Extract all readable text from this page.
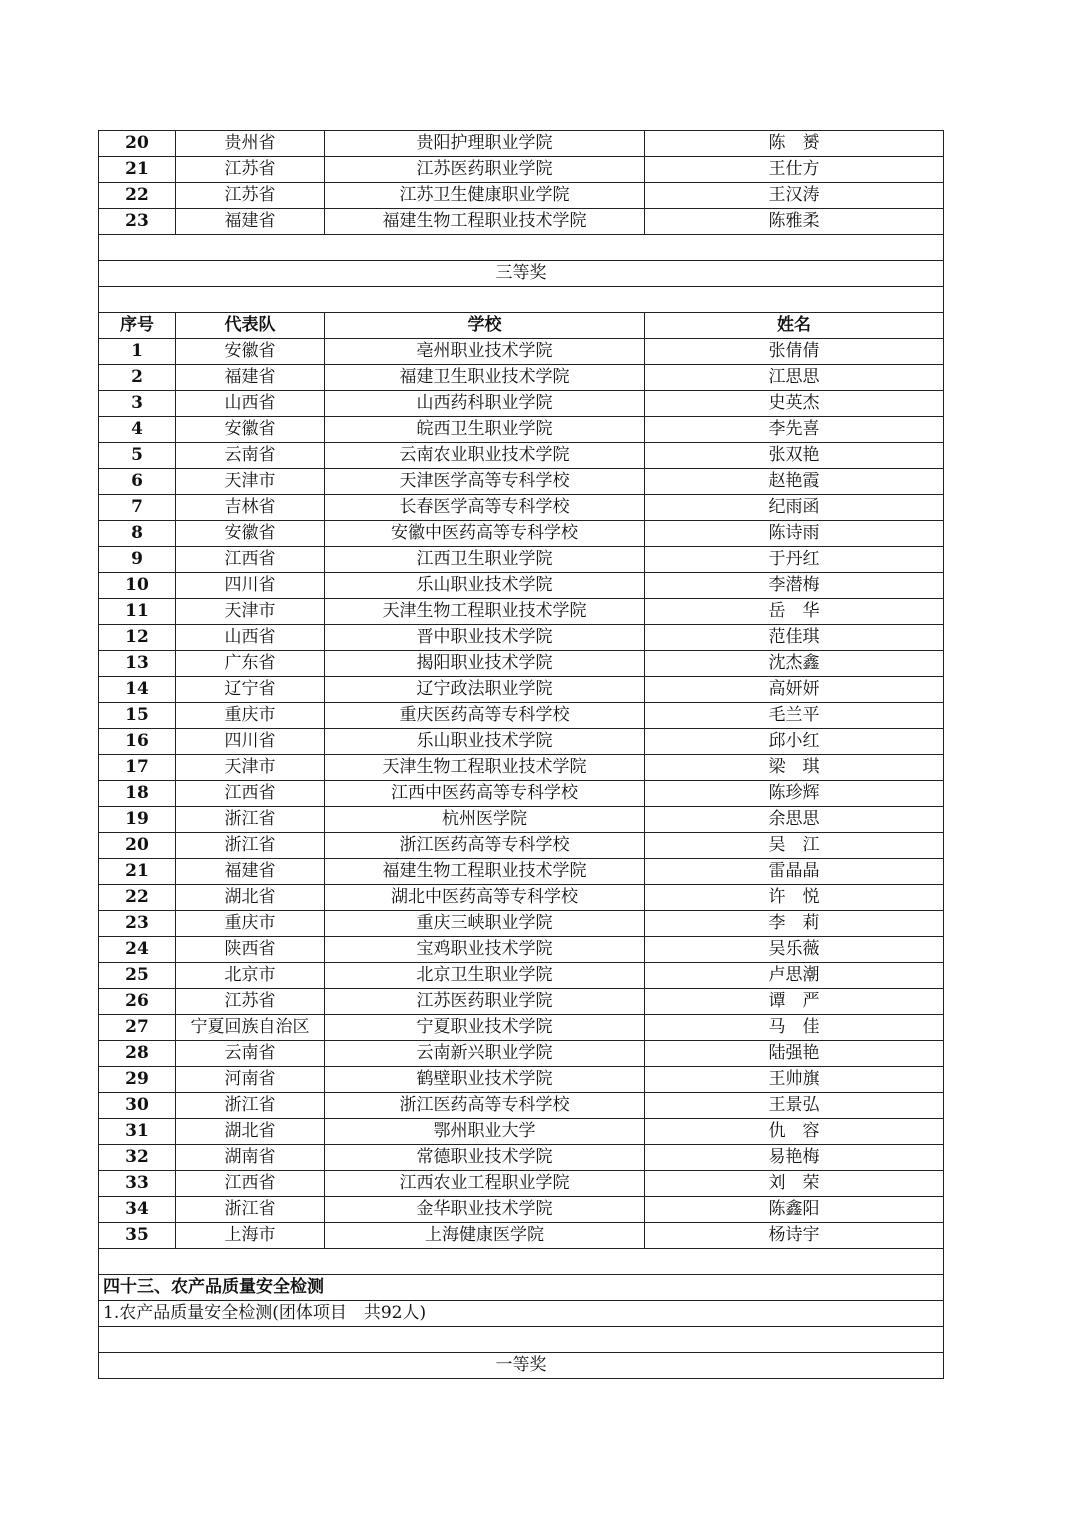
20	贵州省	贵阳护理职业学院	陈　赟
21	江苏省	江苏医药职业学院	王仕方
22	江苏省	江苏卫生健康职业学院	王汉涛
23	福建省	福建生物工程职业技术学院	陈雅柔

三等奖			

序号	代表队	学校	姓名
1	安徽省	亳州职业技术学院	张倩倩
2	福建省	福建卫生职业技术学院	江思思
3	山西省	山西药科职业学院	史英杰
4	安徽省	皖西卫生职业学院	李先喜
5	云南省	云南农业职业技术学院	张双艳
6	天津市	天津医学高等专科学校	赵艳霞
7	吉林省	长春医学高等专科学校	纪雨函
8	安徽省	安徽中医药高等专科学校	陈诗雨
9	江西省	江西卫生职业学院	于丹红
10	四川省	乐山职业技术学院	李潜梅
11	天津市	天津生物工程职业技术学院	岳　华
12	山西省	晋中职业技术学院	范佳琪
13	广东省	揭阳职业技术学院	沈杰鑫
14	辽宁省	辽宁政法职业学院	高妍妍
15	重庆市	重庆医药高等专科学校	毛兰平
16	四川省	乐山职业技术学院	邱小红
17	天津市	天津生物工程职业技术学院	梁　琪
18	江西省	江西中医药高等专科学校	陈珍辉
19	浙江省	杭州医学院	余思思
20	浙江省	浙江医药高等专科学校	吴　江
21	福建省	福建生物工程职业技术学院	雷晶晶
22	湖北省	湖北中医药高等专科学校	许　悦
23	重庆市	重庆三峡职业学院	李　莉
24	陕西省	宝鸡职业技术学院	吴乐薇
25	北京市	北京卫生职业学院	卢思潮
26	江苏省	江苏医药职业学院	谭　严
27	宁夏回族自治区	宁夏职业技术学院	马　佳
28	云南省	云南新兴职业学院	陆强艳
29	河南省	鹤壁职业技术学院	王帅旗
30	浙江省	浙江医药高等专科学校	王景弘
31	湖北省	鄂州职业大学	仇　容
32	湖南省	常德职业技术学院	易艳梅
33	江西省	江西农业工程职业学院	刘　荣
34	浙江省	金华职业技术学院	陈鑫阳
35	上海市	上海健康医学院	杨诗宇

四十三、农产品质量安全检测			
1.农产品质量安全检测(团体项目　共92人)			

一等奖			
